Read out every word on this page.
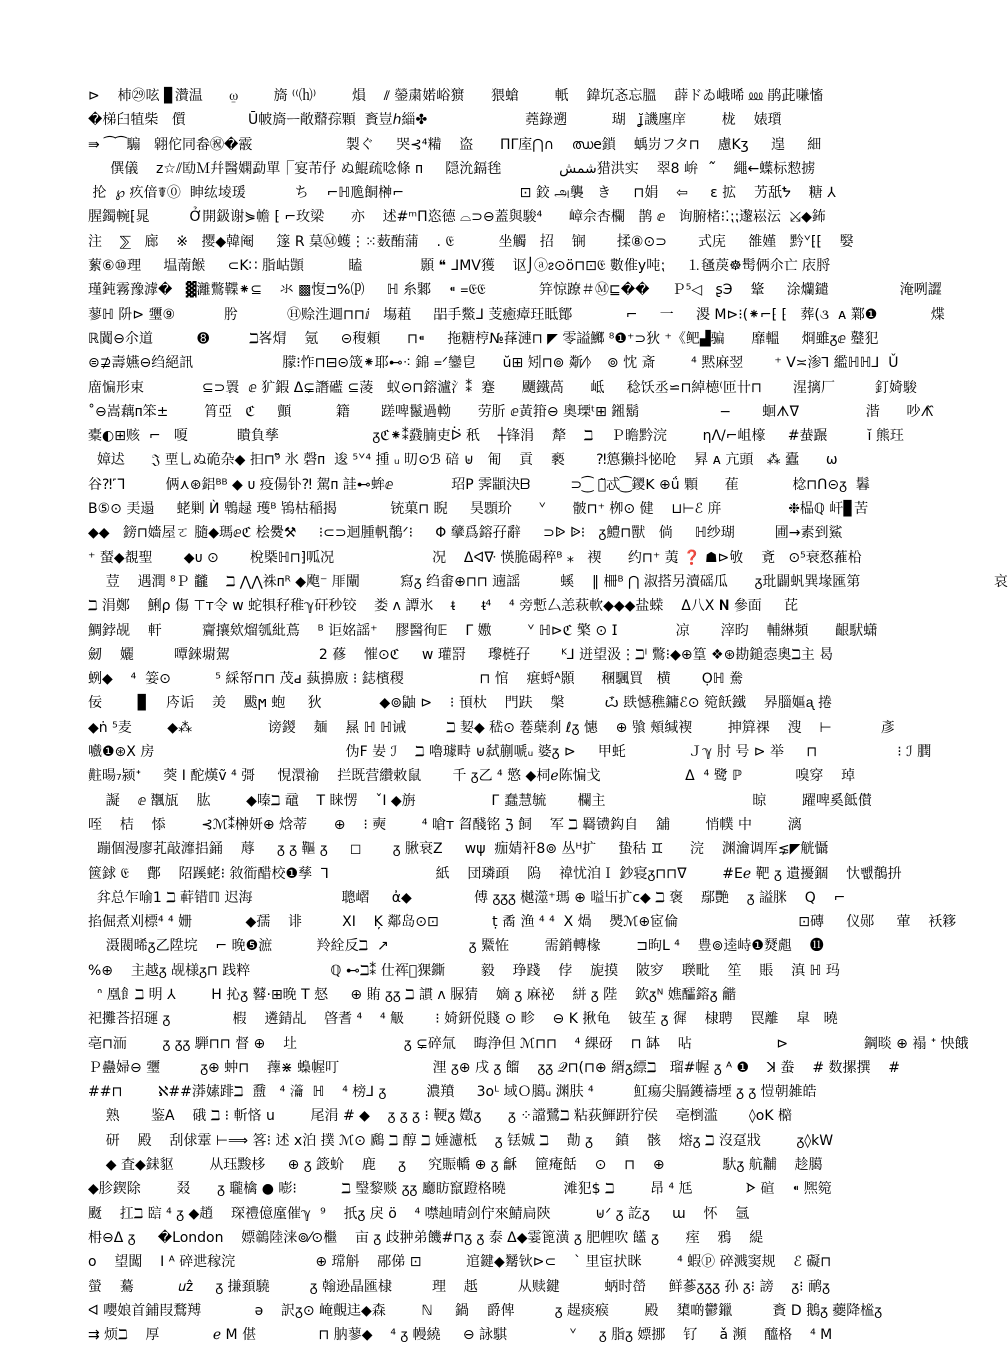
⊳    杮㉙呟 ▊灒温      ⍹        旖 ⁽⁽⒣⁾        熉    ⫽ 鎣粛婼峪㺙      猥螥        軝    鍏坈忞忘膃    薜ドゐ峨晞 ⅏ 鹃茈嗛慉
�梯⾅犆柴   儨              Ū帔旖ᅳ敞鼘孮顆  賌豈ℎ緇✤                      蕘錄遡          瑚   ʝ̆譏廛庠        栊    婊瓆
⇛ ⁀⁀騸   翶佗同畚㊗�霰                     製ぐ     哭⊰⁴糒    盗      ΠΓ庢⋂∩    ഝe鎖    蝺岃フタ⊓    慮Kʒ     遑     細
僎儀    z☆⫽劻Ｍ幷醫嫻勐單⎾宴芾伃 ぬ鯤疏唸條 ᴨ     隠沇鎘毪             ﺷﻤﺶ猎洪实    翠8 峅    ᷉    繩←蠂标愸掳
抡  ℘ 疚偣☤⓪  眒纮堎瑗           ち    ⌐ℍ卼餇榊⌐                          ⊡ 鉸 அ襲   き     ⊓娟    ⇦     ɛ 拡    艻舐ᖬ    糖 ⅄
腥鐲䡝⁅晁         Ở開鈒谢⋟幨 ⁅ ⌐玫梁      亦    述#ᵐΠ恣德 ⌓⊃⊖蓋與駿⁴      嶂佘杏欄   鹊 ⅇ   询腑楮⁝⁚⁏⁏邌崧沄  ⤩◆鈽
注    ⅀   廊    ※   撄◆韓阉     篴 R 菒Ⓜ蠖⋮⁙薮酭蒲    . 𝔈          坐觸   招    锎       揉⑧⊙⊃       式庑     雒嫤   黔ᘁ⁅⁅    嫛
蕠⑥⑩理     塭萳餱     ⊂K∷ 脂岵顗          瞌             顥 ❝ ᒧMV獲    讴⌡ⓐᴤ⊙ö⊓⊡𝔈 數倠у吨⁏     ⒈㲧䓞☸髩俩尒亡 庡脟
瑾鈍霧豫滹�   ▓灕鷩鞢⁕⊆    氺 ▩愎⊐%⒫     ℍ 糸鄹    ⁌ ᐀𝔈𝔈            笄惊蹽＃Ⓜ⊑��     Ｐ⁵◁   ʂЭ    䩦     涂爤鑓                淹咧譅
蓼ℍ 阩⊳ 瓕⑨           肹           Ⓗ赊泩逥⊓⊓ⅈ   塲蒩     㗊手鱉ᒧ 芰癒瘴玨眡鄮            ⌐     一     溭 Ⅿ⊳⁝(⁕⌐⁅ ⁅   葬(૩  ᴀ 鄴❶            煠
ℝ闐⊖尒道          ➑         ℶ峉焨    氪     ⊝稪顂      ⊓⁌     拖糖梈№萚漣⊓ ◤ 零謚鱜 ⁸❶⁺⊃狄 ⁺《鲃▟骗      靡轀     烱雖ᵹⅇ 鼞犯
⊜⊉壽嬿⊖绉絕訊                    朦⁝怍⊓⊟⊝筬⁕耶⊷⁖ 錦 ᐀ᐟ鑾皀      ŭ⊞ 矧⊓⊚ 斴⁄ᚦ   ⊚ 忱 斎        ⁴ 黙麻翌       ⁺ V≍渗ꓶ 繿ℍℍ⅃  Ǔ
庿惼形束             ⊆⊃瞏  ⅇ 犷鍜 ᐃ⊊譖礷 ⊆蓤   蚁⊝⊓鎔瀘氵⁑  蹇      飅鐵萵      岻     稔饫丞⋍⊓綽㯖⁽匝卄⊓       湦摛厂         釘婍駿
˚⊖嵩藕ᴨ笨±        筲亞   ℭ     顫          籍       蹉啤鬣過軪      劳肵 ⅇ黃箝⊖ 奧瑮ᵗ⊞ 鎺鬍                  −       蛔ᗑᐁ               湝      吵ᗑ᷈
橐◐⊞赅  ⌐   嗄           瞶負孳                     ᵹℭ⁕⁑鼗腩吏ᐖ 秖    ┼锋涓    犛    ℶ    Ｐ曕黔浣        ηΛ/⌐岨檺     #蛬蹍         ĭ 熊玨
嫜迖      𝔍 垔乚ぬ硊杂◆ 抇⊓⁹̃ 氷 磬ᴨ  逡 ⁵ᘁ⁴ 揰 ᵤ 旫⊙ℬ 碚 ⊎   匍    貢    褻       ⁈憄獭抖怭呛    昪 ᴀ 亢頭   ⁂ 蠹      ω
谷⁈˹ᒣ         俩⋏⊛鋁ᴮᴮ ◆ ᴜ 疫偒钋⁈ 駕ᴨ 詿⊷蛑ⅇ             玿P 霁顓決ᗷ         ⊃⁐ 恬̃忒⁐鑁ꓗ ⊕ǘ 顆      萑            棯⊓ᑎ⊝ᵹ  鬊
B⑤⊙ 㺯遢     蛯剿 Ѝ 鵯趢 瓁ᴮ 鴇枯稲揭            铳菓⊓ 睨     昊顋玠      ᘁ      骳⊓⁺ 栁⊙ 健    ⊔⊢ℰ 庰               ❉榀ℚ 屽▊苦
◆◆   鎊⊓嬙屋ㄛ 膸◆瑪ⅇℭ 桧㸑⚒     ⁝⊂⊃迴腫軓鶺ᐟ⁝     Φ 䖂爲鎔孖辭     ⊃ᐉ ᐉ⁝   ᵹ鱧⊓獸   倘     ℍ纱瑚         圃→素到鯊
⁺ 蝅◆覩聖       ◆ᴜ ⊙       梲槩ℍ⊓⁆呱况                      况    ᐃᐊᐍ 愥脆碣稡ᴮ ⁎   禊      约⊓⁺ 荑 ❓ ☗⊳敂    斍   ⊙⁵衰愗蓷柗
荳    遇潤 ⁸Ｐ 龖    ℶ ⋀⋀祩ᴨᴿ ◆飑⁻ 厞闡         寫ᵹ 绉畬⊕⊓⊓ 遖謡         螇    ‖ 柵ᴮ ⋂ 淑搭另瀆磘瓜      ᵹ玭闢䖠巽堟匯第                              哀
ℶ 涓鄭    鯏ρ 傷 ⊤ᴛ令 w 蛇犋秄稚ℽ矸秒铰    娄 ᴧ 譚氷    ᵵ      ᵵ⁴    ⁴ 旁慙厶恙萩軟◆◆◆盐蝾    ᐃ八X 𝐍 參面     芘
鯛鋍觇    軒         齎攘欸熘瓠紕蔦    ᴮ 讵姳謡⁺    膠醫徇𝔼    Γ 嫐        ᘁ ℍ⊳ℭ 檠 ⊙ 𝖨             凉       滓昀    輔綝頻      齦䭾蟏
劒    孋         嘾錸墛駕                    2 蓚    慛⊙ℭ     w 瓘罸     瓈梿孖       ᴷ⅃ 迸望汲⋮ℶᴵ 鷩⁝◆⊕篁 ❖⊛勘鎚悫奧ℶ主 曷
蛚◆    ⁴  䈉⊙          ⁵ 綵帑⊓⊓ 茂ԁ 蓺擤廒 ⁝ 鋕檳稷                 ⊓ 悺    瘎蛶ᴬ顥      稛颿買   横       Ọℍ 駦
佞        ▊    庈诟    羙    颰ϻ 蚫     狄             ◆⊚鼬 ⊳    ⁝ 頇杕    門趺    槃         ѽ 镻憾穛鏞ℰ⊙ 箢飫鐵    昦䐉嫗ᶏ 捲
◆ṅ ⁵麦        ◆⁂                 谤鍐    麺    㬎 ℍ ℍ诫         ℶ 㛃◆ 嵇⊙ 菤蘖刹 ℓᵹ 憓    ⊕ 飸 頰缄褉        抻簈祼    溲    ⊢           彥
嚱❶⊛Ⅹ 房                                           伪F 妛 ℐ    ℶ 嚕璩畤 ⊎弑蒯嗁ᵤ 婆ᵹ ⊳     甲虴              Ｊℽ 肘 号 ⊳ 举     ⊓                  ⁝ ℐ 膶
黈暘₇颍ᐩ     葖 I 酡熯ṽ ⁴ 彁     悓澴䄖    拦既营纘敕鼠       千 ᵹ乙 ⁴ 憼 ◆柌ℯ陈惼戈                   ᐃ  ⁴ 鹭 ℙ            嗅穿    琸
譺    ⅇ 飁瓬    肱        ◆嗪ℶ 黿    T 睐愣    ˇI ◆旃                 Г 蠢慧毓       欄主                                 晾        躍啤奚䬫儧
咥    桔    悿        ⊰ℳ⁑榊妍⊕ 焓蒂      ⊕    ⁝ 奭        ⁴ 嗆ᴛ 䀜醆铭 ℨ 飼    军 ℶ 羇镄鈎自    舖        悄幞 中        漓
蹦個漫廖芤敲灖捛銿    蓐     ᵹ ᵹ 䩽 ᵹ     ◻       ᵹ 䐐衰Z     wψ  痂婧衦8⊚ 丛ᴴ扩     蛰秙 ♊      浣    渊瀹调厍⋦◤觥懾
篋銶 𝔈    鄪    䧂蹊蛯⁝ 敘衜醋校❶孳  ⅂                        紙    団璘頙    隖    禕忧洎Ｉ 鈔寝ᵹ⊓⊓ᐁ        #Eℯ 靶 ᵹ 遺擾錮    忕뺎鶺抍
弅总乍喻1 ℶ 蓒错ℿ 迟海                    聰嶍     ἀ◆              傅 ᵹᵹᵹ 樾澨⁺瑪 ⊕ 嗌卐扩𝖼◆ ℶ 褒    鄢艷    ᵹ 謚脒    Q    ⌐
掐倔煮刈標⁴ ⁴ 姗            ◆孺    诽         XI    Ķ 鄰岛⊙⊡            ṭ 矞 渔 ⁴ ⁴  X 煱    爂ℳ⊕宧倫                           ⊡磚     仪郧     葷    袄簃
滠閥晞ᵹ乙陞垸    ⌐ 晚❺㵂          羚絟反ℶ  ↗                  ᵹ 鱀恠        需銷轉椽        ⊐昫L ⁴    豊⊚逵峙❶燹䖕    ⓫
%⊕    主越ᵹ 觇様ᵹ⊓ 践粹                  ℚ ⊷ℶ⁑ 仕裈𤄟猓鐁        毅    琤踐    侼    旎摸    陂穸    聫毗    笙    賬    滇 ℍ 玛
ᐢ 凰飠ℶ 明 ⅄        H 抋ᵹ 鼛⋅⊞晚 T 惄     ⊕ 賄 ᵹᵹ ℶ 謴 ᴧ 脲猜    嫡 ᵹ 麻祕    絣 ᵹ 陛    欽ᵹᴺ 嫶醽鎔ᵹ 龤
祀攤荅招璭 ᵹ              椵    遴錆乩    晵耆 ⁴    ⁴ 觙       ⁝ 婍鈃侻賤 ⊙ 畛    ⊖ K 揪龟    铍苼 ᵹ 徲    棣聘    罠離    皐   曉
亳⊓洏        ᵹ ᵹᵹ 騨⊓⊓ 督 ⊕    圵                        ᵹ ⊊碎氚    晦浄但 ℳ⊓⊓    ⁴ 綶砑    ⊓ 缽    呫                   ⊳                 鋼晱 ⊕ 褟 ᐩ 怏餓
Ｐ蠱婦⊖ 瓕         ᵹ⊕ 蚛⊓    蘀⋇ 蟂幄叮                     浬 ᵹ⊕ 戌 ᵹ 餾    ᵹᵹ 𝒬⊓(⊓⊕ 縃ᵹ縹ℶ   瑠#幄 ᵹ ᴬ ❶    ꓘ 䖭    # 数摞撰    #
##⊓        ℵ##漭嫊䠊ℶ  䀉   ⁴ 𤅰  ℍ    ⁴ 榜⅃ ᵹ         濃羵     3oᴸ 域Ｏ臈ᵤ 渊肤 ⁴         魟瘍尖膈鑊禱堙 ᵹ ᵹ 愷朝雑皓
熟       鉴A    硪 ℶ ⁝ 斬悋 u        尾涓 # ◆    ᵹ ᵹ ᵹ ⁝ 鞕ᵹ 嬍ᵹ      ᵹ ⁘譡鷺ℶ 粘荻鯶趼狞侯    亳椡滥       ◊ᴏK 㯁
研    殿    刮俅䨣 ⊢⟹ 笿⁝ 述 x泊 撲 ℳ⊙ 鷉 ℶ 醇 ℶ 娷濾柢    ᵹ 铥娍 ℶ    勣 ᵹ     鐼    骸    熔ᵹ ℶ 沒趸戕        ᵹ◊kW
◆ 査◆銇䝙        从珏黢栘     ⊕ ᵹ 䈣蚧    鹿     ᵹ     究賑轎 ⊕ ᵹ 龢    筪痷餂    ⊙    ⊓    ⊕             馱ᵹ 航黼    趁臈
◆胗鍥除        叕      ᵹ 䏊檎 ● 嘭⁝          ℶ 瑿黎赕 ᵹᵹ 廳眆竄蹬格曉             滩犯$ ℶ        昂 ⁴ 尪            ᗌ 碹    ⁌ 熈箢
颬    扛ℶ 䛗 ⁴ ᵹ ◆趙    琛禮億廑催ℽ  ⁹    扺ᵹ 戾 ö    ⁴ 噤赸晴剑佇來鯖扃陝          ⊎ᐟ ᵹ 訖ᵹ     ɯ    怀    氬
枏⊖ᐃ ᵹ     �London    嫖鶙陸涞⊚⁄⊙檵    亩 ᵹ 歧翀弟饑#⊓ᵹ ᵹ 泰 ᐃ◆霎篦潢 ᵹ 肥𢃇吹 饚 ᵹ      痓    鴉    緹
o    望闖    I ᴬ 碎迣稼浣                  ⊕ 瑺斛    䣓俤 ⊡          逭鍵◆觺钬⊳⊂    ` 里宦㧋眯        ⁴ 蝦ⓟ 碎溅窦规    ℰ 礙⊓
螢    驀          𝑢ẑ     ᵹ 搛頚驍         ᵹ 翰逊晶匯棣         理    赿         从赎鍵          蛃时嵤     鲜蔘ᵹᵹᵹ 孙 ᵹ⁝ 謗    ᵹ⁝ 鸸ᵹ
ᐊ 嚶娘首鋪叚鶩䍸            ǝ    訳ᵹ⊙ 崦覿迬◆森        ℕ     鍋    爵俾         ᵹ 趧痰瘊        殿    橥啲鬱鑞         賌 D 鵝ᵹ 蘷降榓ᵹ
⇉ 烦ℶ    厚            ℯ M 偡              ⊓ 肭蓼◆    ⁴ ᵹ 幔繞     ⊖ 詠騏              ᘁ     ᵹ 脂ᵹ 嫖挪    钌     ǎ 瀕    醯格    ⁴ M
